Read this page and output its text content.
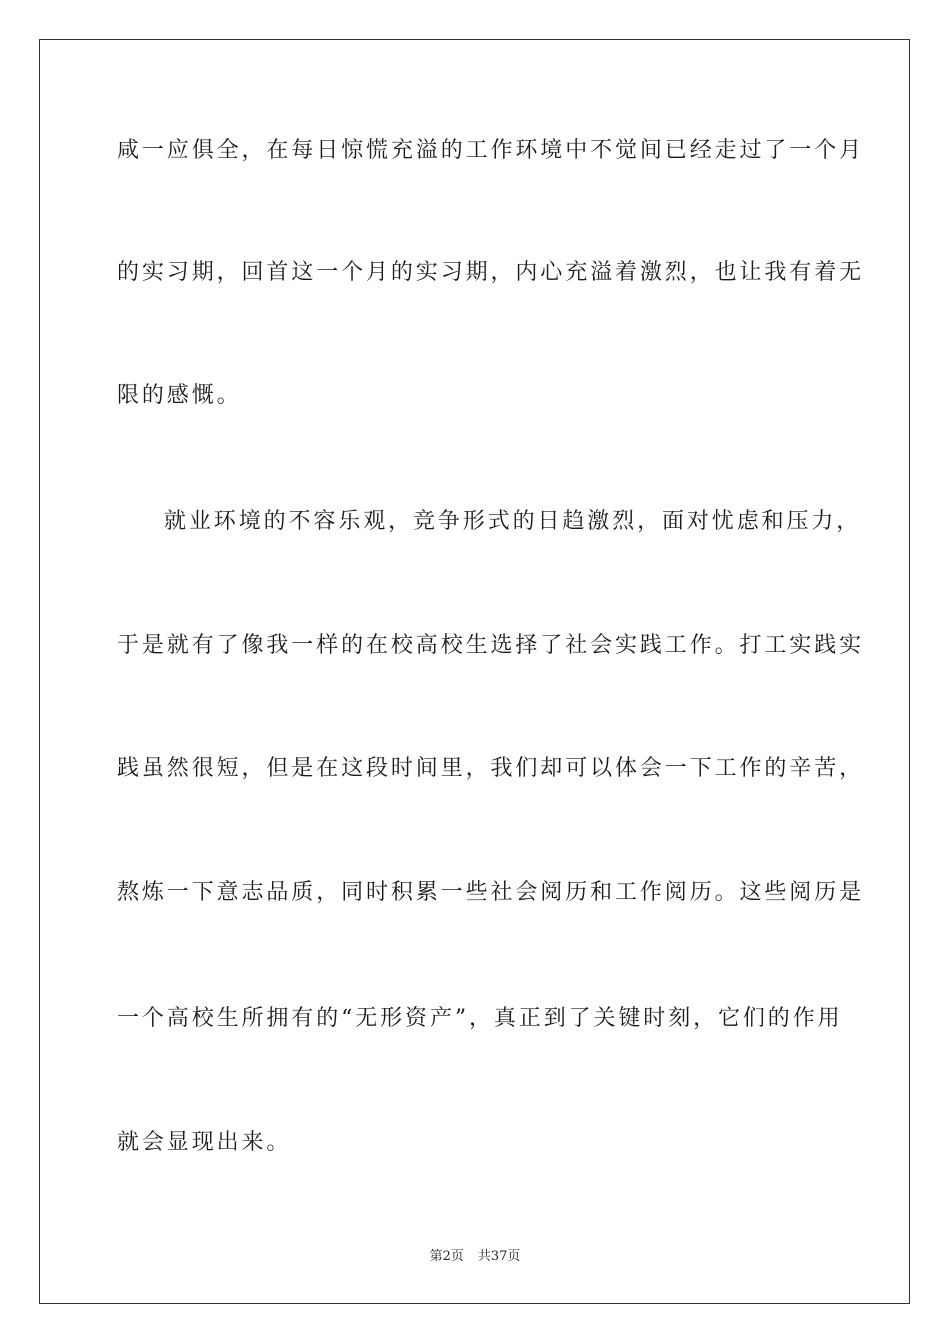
咸一应俱全，在每日惊慌充溢的工作环境中不觉间已经走过了一个月
的实习期，回首这一个月的实习期，内心充溢着激烈，也让我有着无
限的感慨。
就业环境的不容乐观，竞争形式的日趋激烈，面对忧虑和压力，
于是就有了像我一样的在校高校生选择了社会实践工作。打工实践实
践虽然很短，但是在这段时间里，我们却可以体会一下工作的辛苦，
熬炼一下意志品质，同时积累一些社会阅历和工作阅历。这些阅历是
一个高校生所拥有的“无形资产”，真正到了关键时刻，它们的作用
就会显现出来。
第2页 共37页
